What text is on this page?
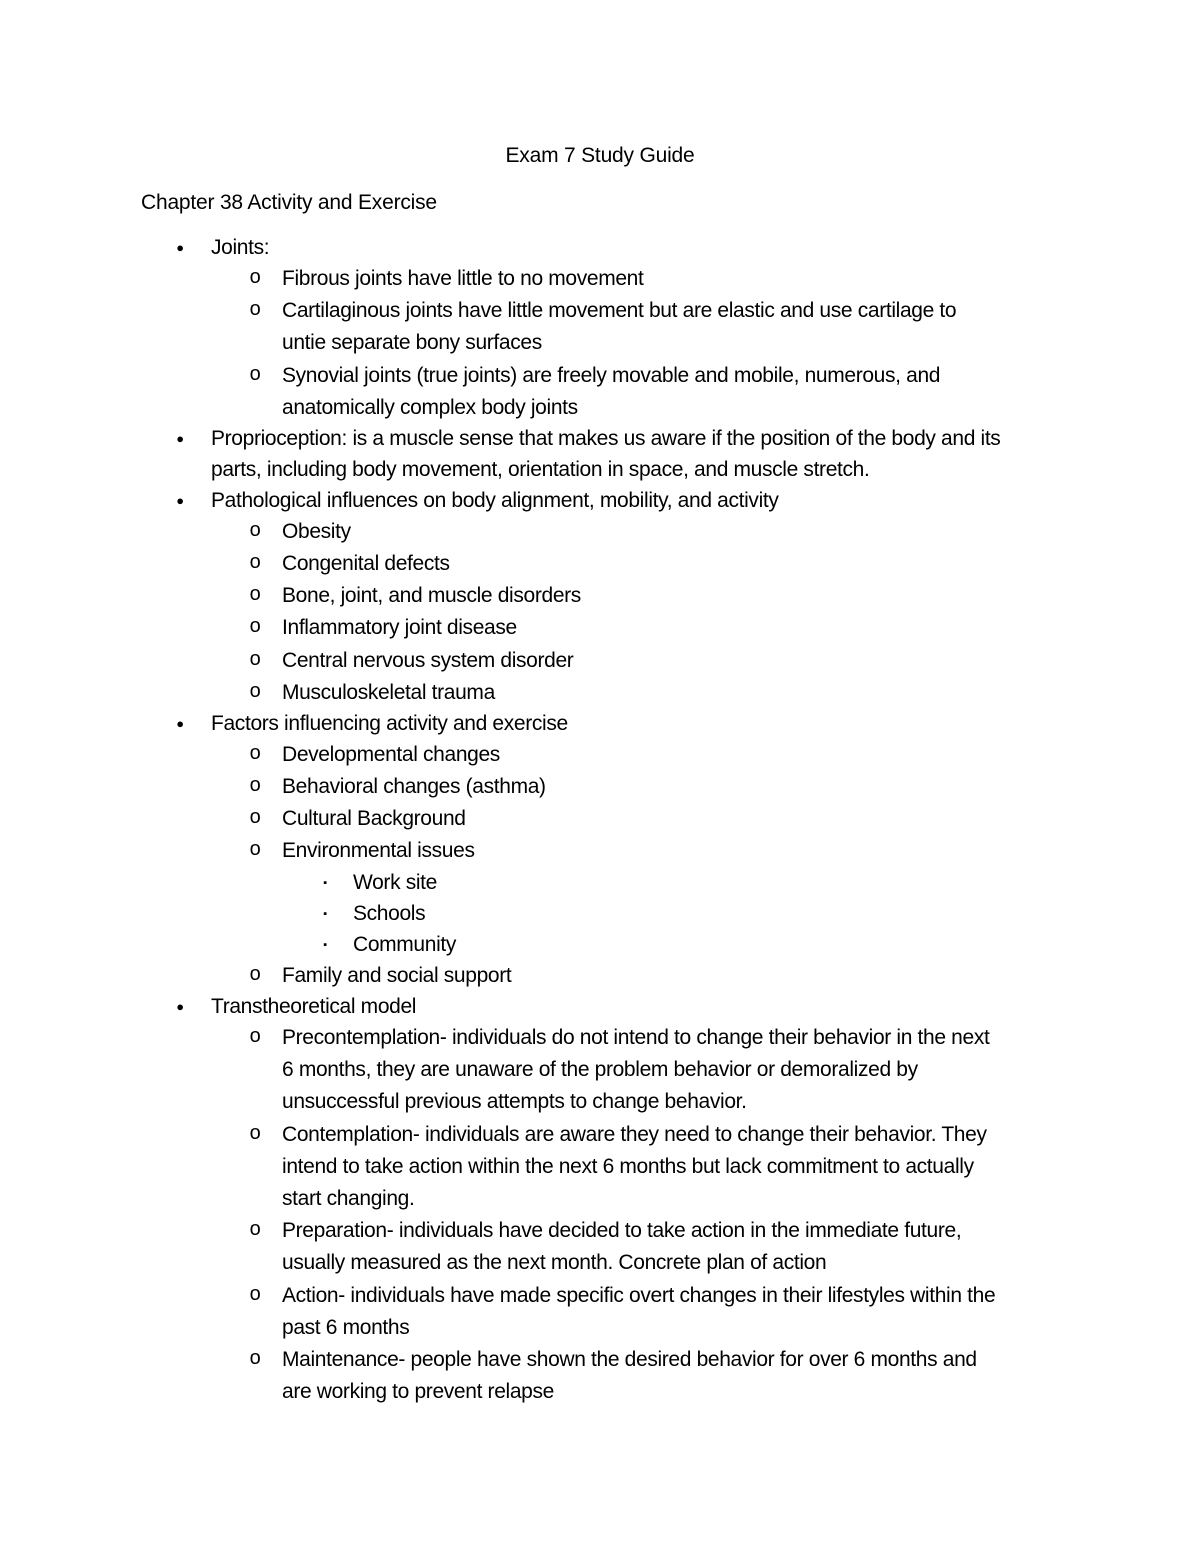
Exam 7 Study Guide
Chapter 38 Activity and Exercise
● Joints:
o Fibrous joints have little to no movement
o Cartilaginous joints have little movement but are elastic and use cartilage to
untie separate bony surfaces
o Synovial joints (true joints) are freely movable and mobile, numerous, and
anatomically complex body joints
● Proprioception: is a muscle sense that makes us aware if the position of the body and its
parts, including body movement, orientation in space, and muscle stretch.
● Pathological influences on body alignment, mobility, and activity
o Obesity
o Congenital defects
o Bone, joint, and muscle disorders
o Inflammatory joint disease
o Central nervous system disorder
o Musculoskeletal trauma
● Factors influencing activity and exercise
o Developmental changes
o Behavioral changes (asthma)
o Cultural Background
o Environmental issues
▪	Work site
▪	Schools
▪	Community
o Family and social support
● Transtheoretical model
o Precontemplation- individuals do not intend to change their behavior in the next
6 months, they are unaware of the problem behavior or demoralized by
unsuccessful previous attempts to change behavior.
o Contemplation- individuals are aware they need to change their behavior. They
intend to take action within the next 6 months but lack commitment to actually
start changing.
o Preparation- individuals have decided to take action in the immediate future,
usually measured as the next month. Concrete plan of action
o Action- individuals have made specific overt changes in their lifestyles within the
past 6 months
o Maintenance- people have shown the desired behavior for over 6 months and
are working to prevent relapse
